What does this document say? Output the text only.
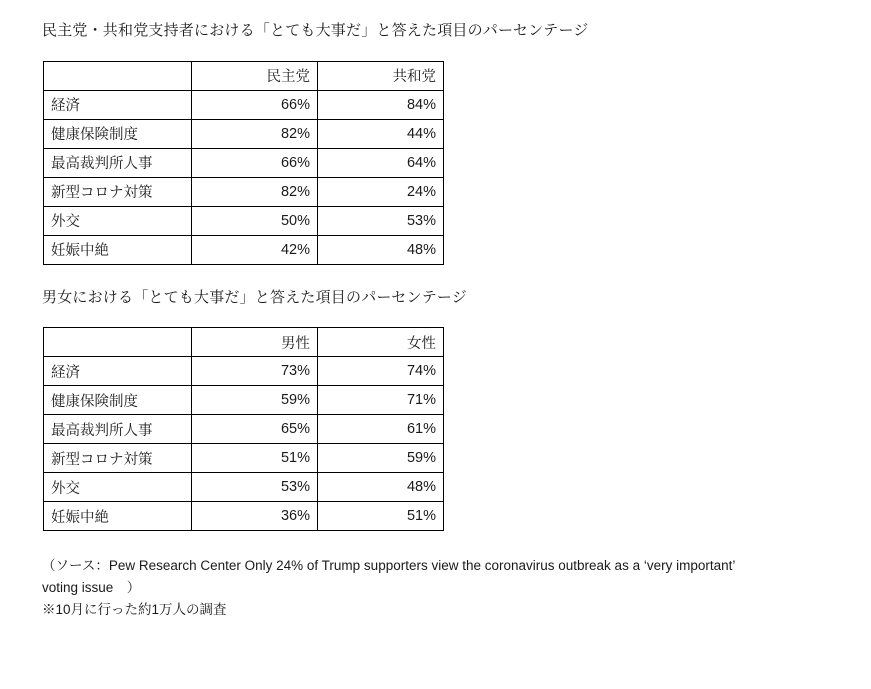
民主党・共和党支持者における「とても大事だ」と答えた項目のパーセンテージ
	民主党	共和党
経済	66%	84%
健康保険制度	82%	44%
最高裁判所人事	66%	64%
新型コロナ対策	82%	24%
外交	50%	53%
妊娠中絶	42%	48%
男女における「とても大事だ」と答えた項目のパーセンテージ
	男性	女性
経済	73%	74%
健康保険制度	59%	71%
最高裁判所人事	65%	61%
新型コロナ対策	51%	59%
外交	53%	48%
妊娠中絶	36%	51%
（ソース：Pew Research Center Only 24% of Trump supporters view the coronavirus outbreak as a ‘very important’ voting issue　）
※10月に行った約1万人の調査
